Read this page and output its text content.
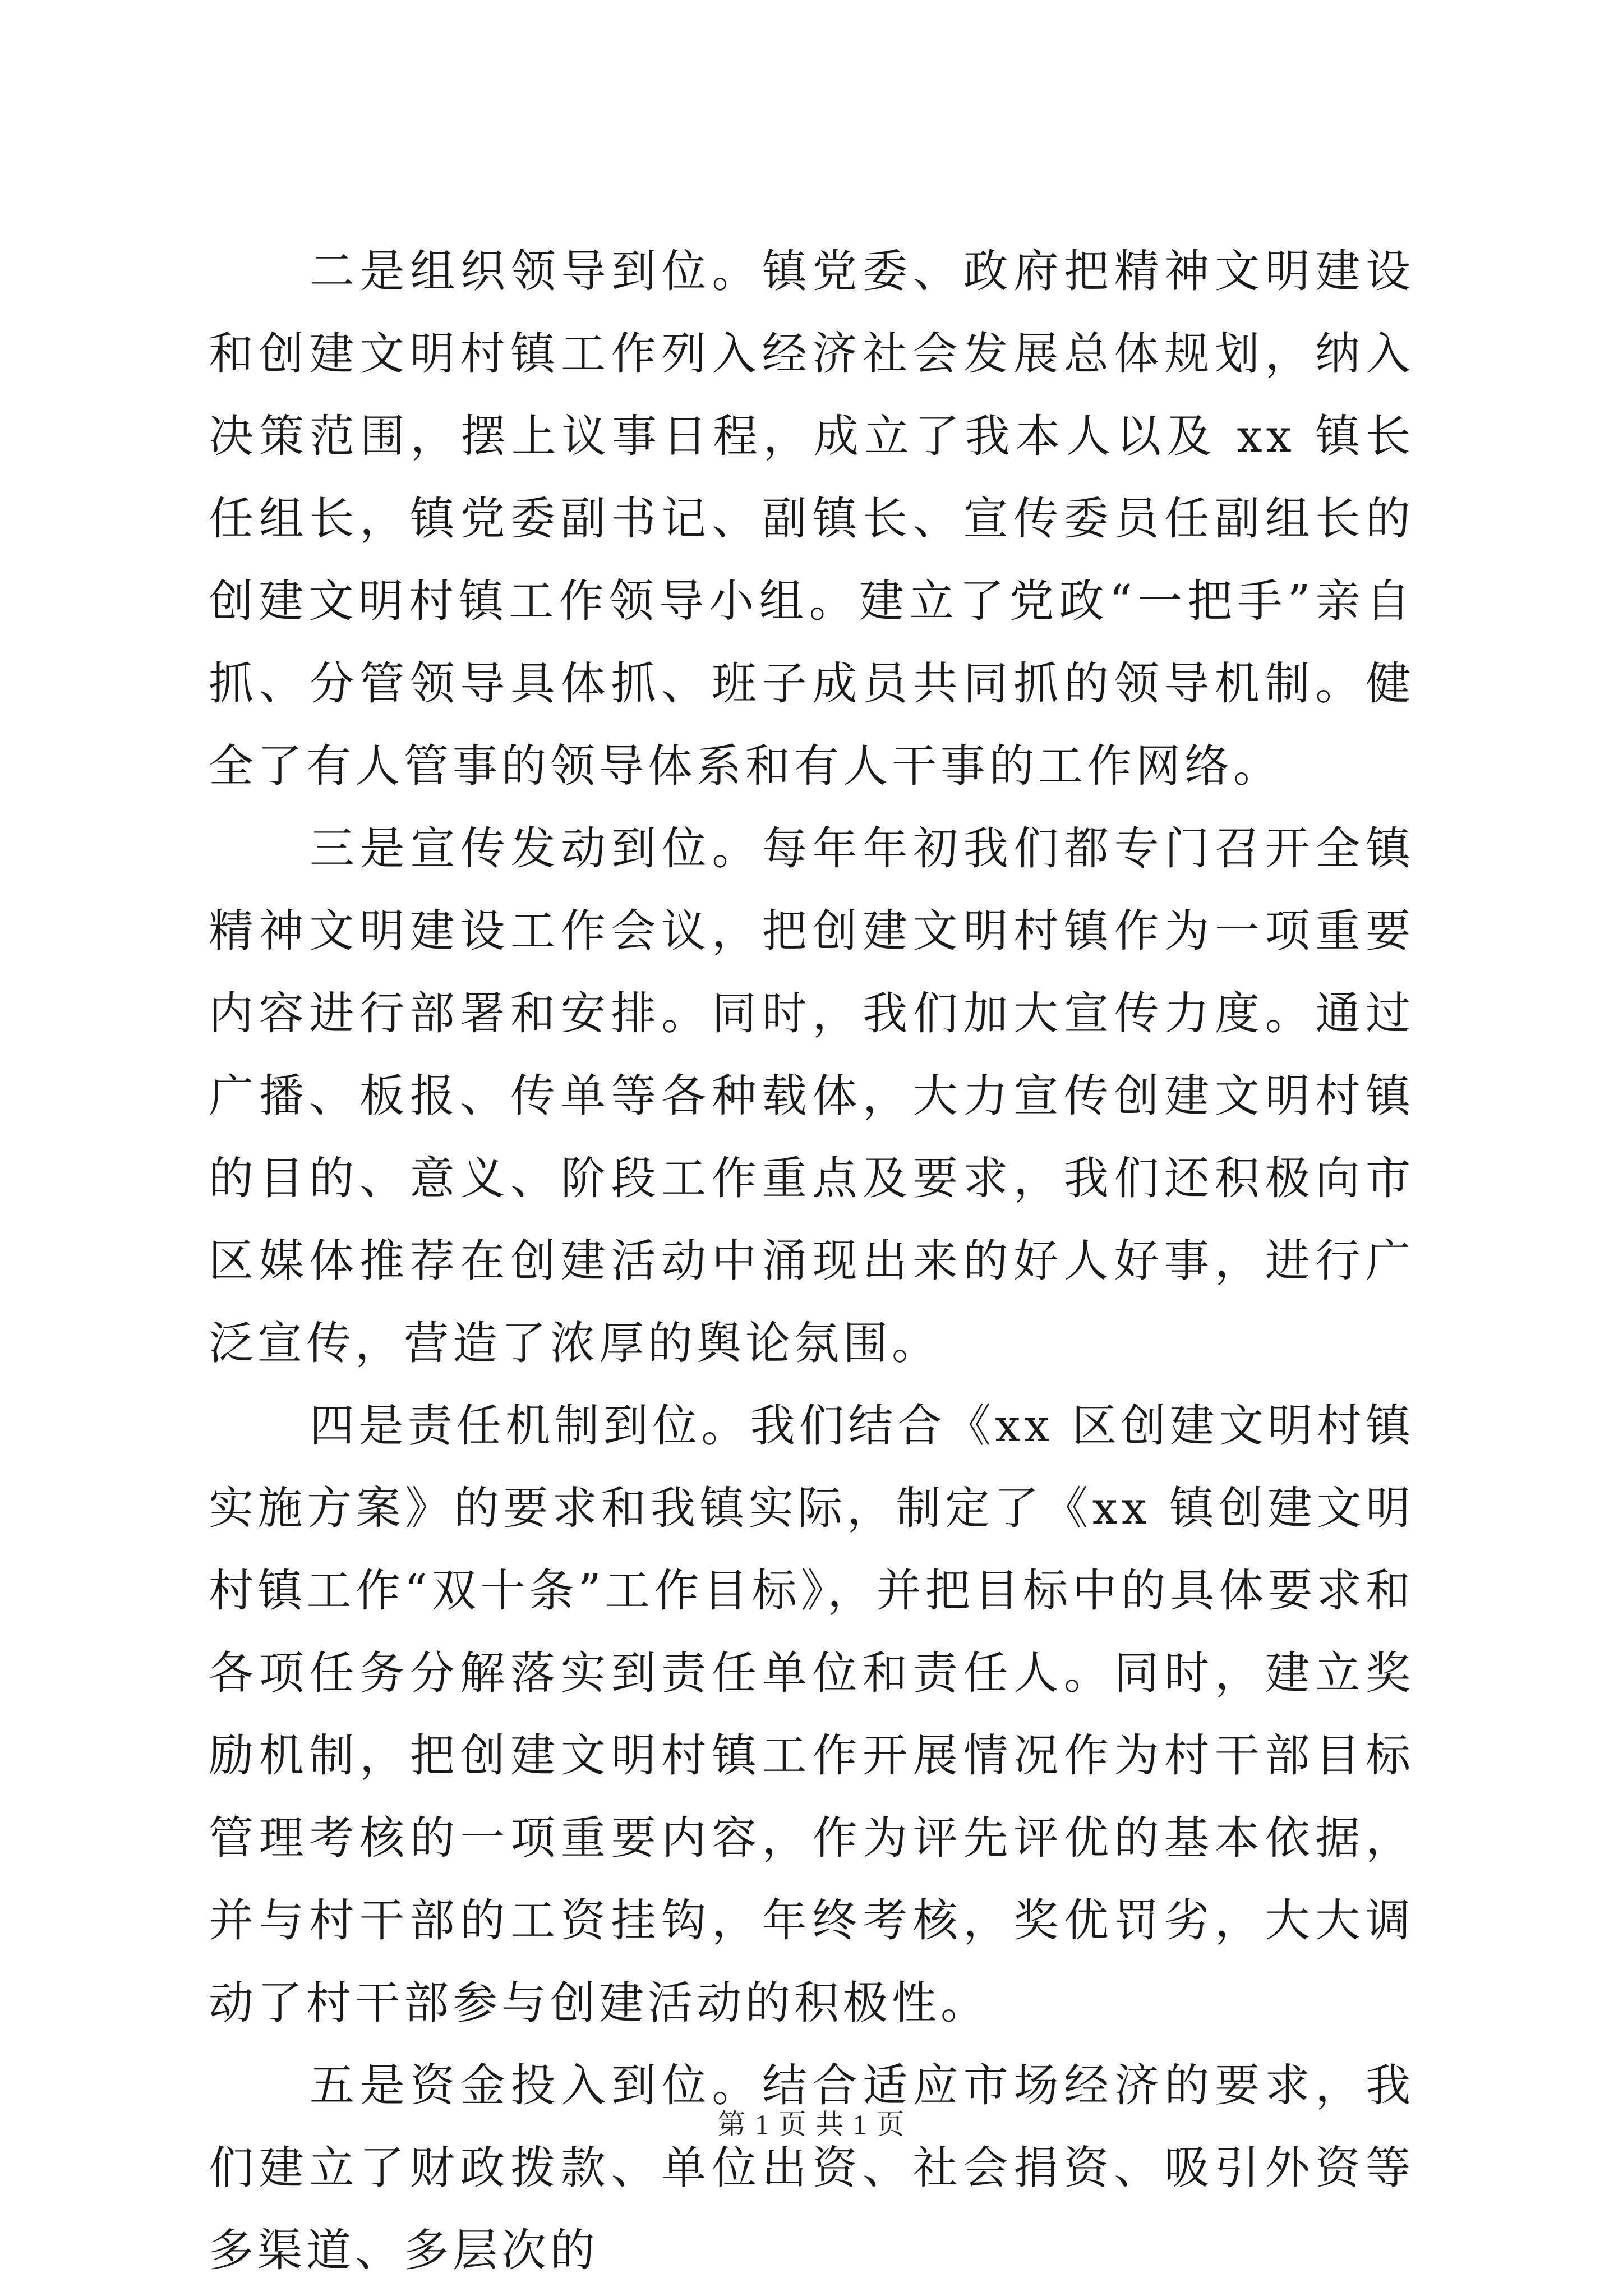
二是组织领导到位。镇党委、政府把精神文明建设和创建文明村镇工作列入经济社会发展总体规划，纳入决策范围，摆上议事日程，成立了我本人以及 xx 镇长任组长，镇党委副书记、副镇长、宣传委员任副组长的创建文明村镇工作领导小组。建立了党政“一把手”亲自抓、分管领导具体抓、班子成员共同抓的领导机制。健全了有人管事的领导体系和有人干事的工作网络。

三是宣传发动到位。每年年初我们都专门召开全镇精神文明建设工作会议，把创建文明村镇作为一项重要内容进行部署和安排。同时，我们加大宣传力度。通过广播、板报、传单等各种载体，大力宣传创建文明村镇的目的、意义、阶段工作重点及要求，我们还积极向市区媒体推荐在创建活动中涌现出来的好人好事，进行广泛宣传，营造了浓厚的舆论氛围。

四是责任机制到位。我们结合《xx 区创建文明村镇实施方案》的要求和我镇实际，制定了《xx 镇创建文明村镇工作“双十条”工作目标》，并把目标中的具体要求和各项任务分解落实到责任单位和责任人。同时，建立奖励机制，把创建文明村镇工作开展情况作为村干部目标管理考核的一项重要内容，作为评先评优的基本依据，并与村干部的工资挂钩，年终考核，奖优罚劣，大大调动了村干部参与创建活动的积极性。

五是资金投入到位。结合适应市场经济的要求，我们建立了财政拨款、单位出资、社会捐资、吸引外资等多渠道、多层次的

第 1 页 共 1 页
